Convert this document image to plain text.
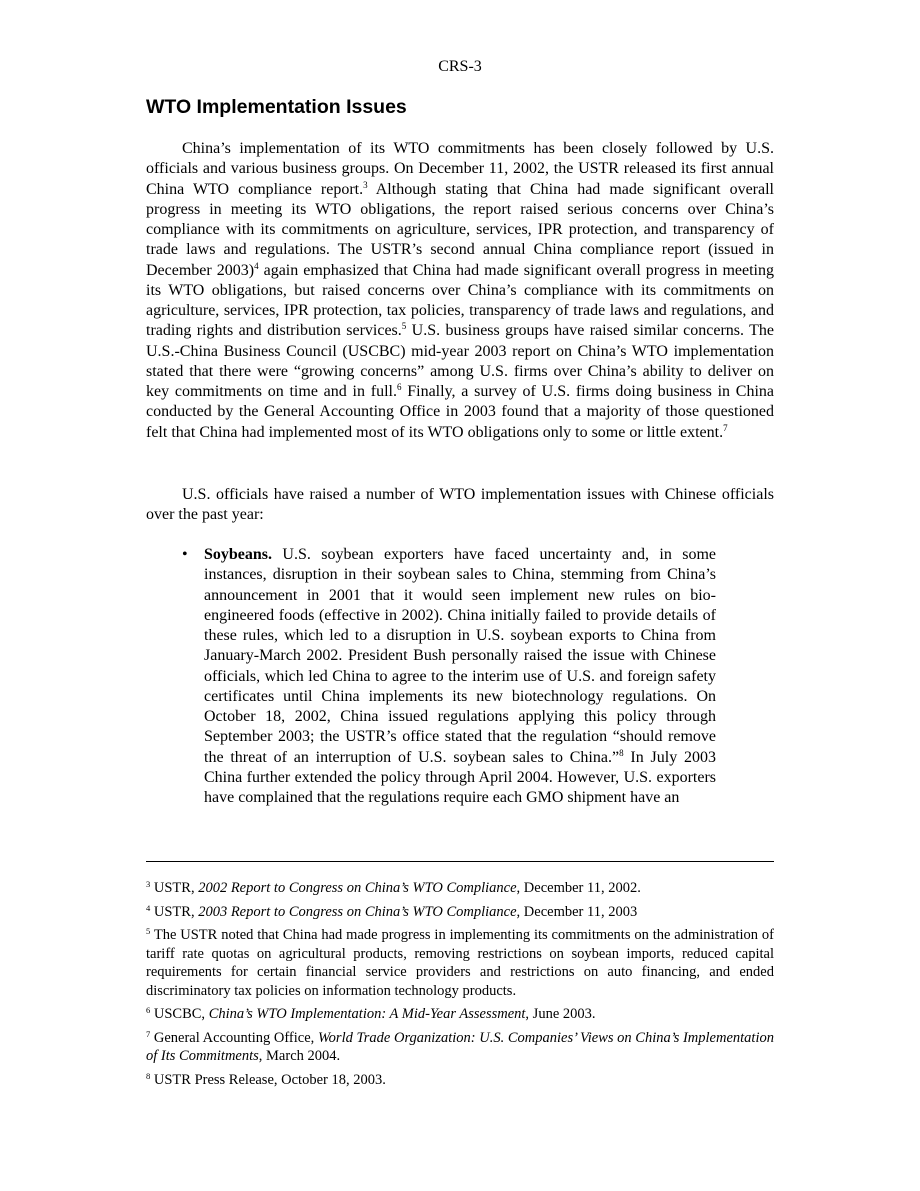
CRS-3
WTO Implementation Issues

China’s implementation of its WTO commitments has been closely followed by U.S. officials and various business groups. On December 11, 2002, the USTR released its first annual China WTO compliance report.$^3$ Although stating that China had made significant overall progress in meeting its WTO obligations, the report raised serious concerns over China’s compliance with its commitments on agriculture, services, IPR protection, and transparency of trade laws and regulations. The USTR’s second annual China compliance report (issued in December 2003)$^4$ again emphasized that China had made significant overall progress in meeting its WTO obligations, but raised concerns over China’s compliance with its commitments on agriculture, services, IPR protection, tax policies, transparency of trade laws and regulations, and trading rights and distribution services.$^5$ U.S. business groups have raised similar concerns. The U.S.-China Business Council (USCBC) mid-year 2003 report on China’s WTO implementation stated that there were “growing concerns” among U.S. firms over China’s ability to deliver on key commitments on time and in full.$^6$ Finally, a survey of U.S. firms doing business in China conducted by the General Accounting Office in 2003 found that a majority of those questioned felt that China had implemented most of its WTO obligations only to some or little extent.$^7$

U.S. officials have raised a number of WTO implementation issues with Chinese officials over the past year:

• Soybeans. U.S. soybean exporters have faced uncertainty and, in some instances, disruption in their soybean sales to China, stemming from China’s announcement in 2001 that it would seen implement new rules on bio-engineered foods (effective in 2002). China initially failed to provide details of these rules, which led to a disruption in U.S. soybean exports to China from January-March 2002. President Bush personally raised the issue with Chinese officials, which led China to agree to the interim use of U.S. and foreign safety certificates until China implements its new biotechnology regulations. On October 18, 2002, China issued regulations applying this policy through September 2003; the USTR’s office stated that the regulation “should remove the threat of an interruption of U.S. soybean sales to China.”$^8$ In July 2003 China further extended the policy through April 2004. However, U.S. exporters have complained that the regulations require each GMO shipment have an

$^3$ USTR, 2002 Report to Congress on China’s WTO Compliance, December 11, 2002.

$^4$ USTR, 2003 Report to Congress on China’s WTO Compliance, December 11, 2003

$^5$ The USTR noted that China had made progress in implementing its commitments on the administration of tariff rate quotas on agricultural products, removing restrictions on soybean imports, reduced capital requirements for certain financial service providers and restrictions on auto financing, and ended discriminatory tax policies on information technology products.

$^6$ USCBC, China’s WTO Implementation: A Mid-Year Assessment, June 2003.

$^7$ General Accounting Office, World Trade Organization: U.S. Companies’ Views on China’s Implementation of Its Commitments, March 2004.

$^8$ USTR Press Release, October 18, 2003.
